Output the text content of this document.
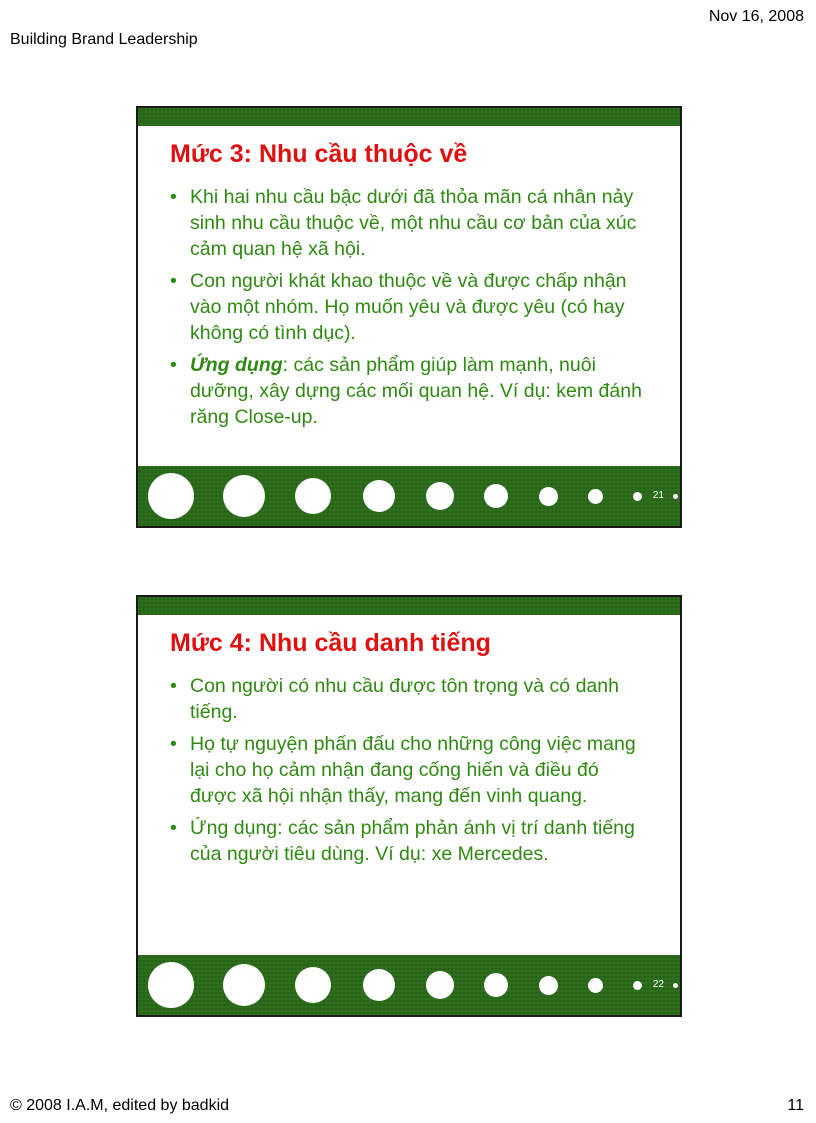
Building Brand Leadership
Nov 16, 2008
Mức 3: Nhu cầu thuộc về
• Khi hai nhu cầu bậc dưới đã thỏa mãn cá nhân nảy sinh nhu cầu thuộc về, một nhu cầu cơ bản của xúc cảm quan hệ xã hội.
• Con người khát khao thuộc về và được chấp nhận vào một nhóm. Họ muốn yêu và được yêu (có hay không có tình dục).
• Ứng dụng: các sản phẩm giúp làm mạnh, nuôi dưỡng, xây dựng các mối quan hệ. Ví dụ: kem đánh răng Close-up.
21
Mức 4: Nhu cầu danh tiếng
• Con người có nhu cầu được tôn trọng và có danh tiếng.
• Họ tự nguyện phấn đấu cho những công việc mang lại cho họ cảm nhận đang cống hiến và điều đó được xã hội nhận thấy, mang đến vinh quang.
• Ứng dụng: các sản phẩm phản ánh vị trí danh tiếng của người tiêu dùng. Ví dụ: xe Mercedes.
22
© 2008 I.A.M, edited by badkid	11
